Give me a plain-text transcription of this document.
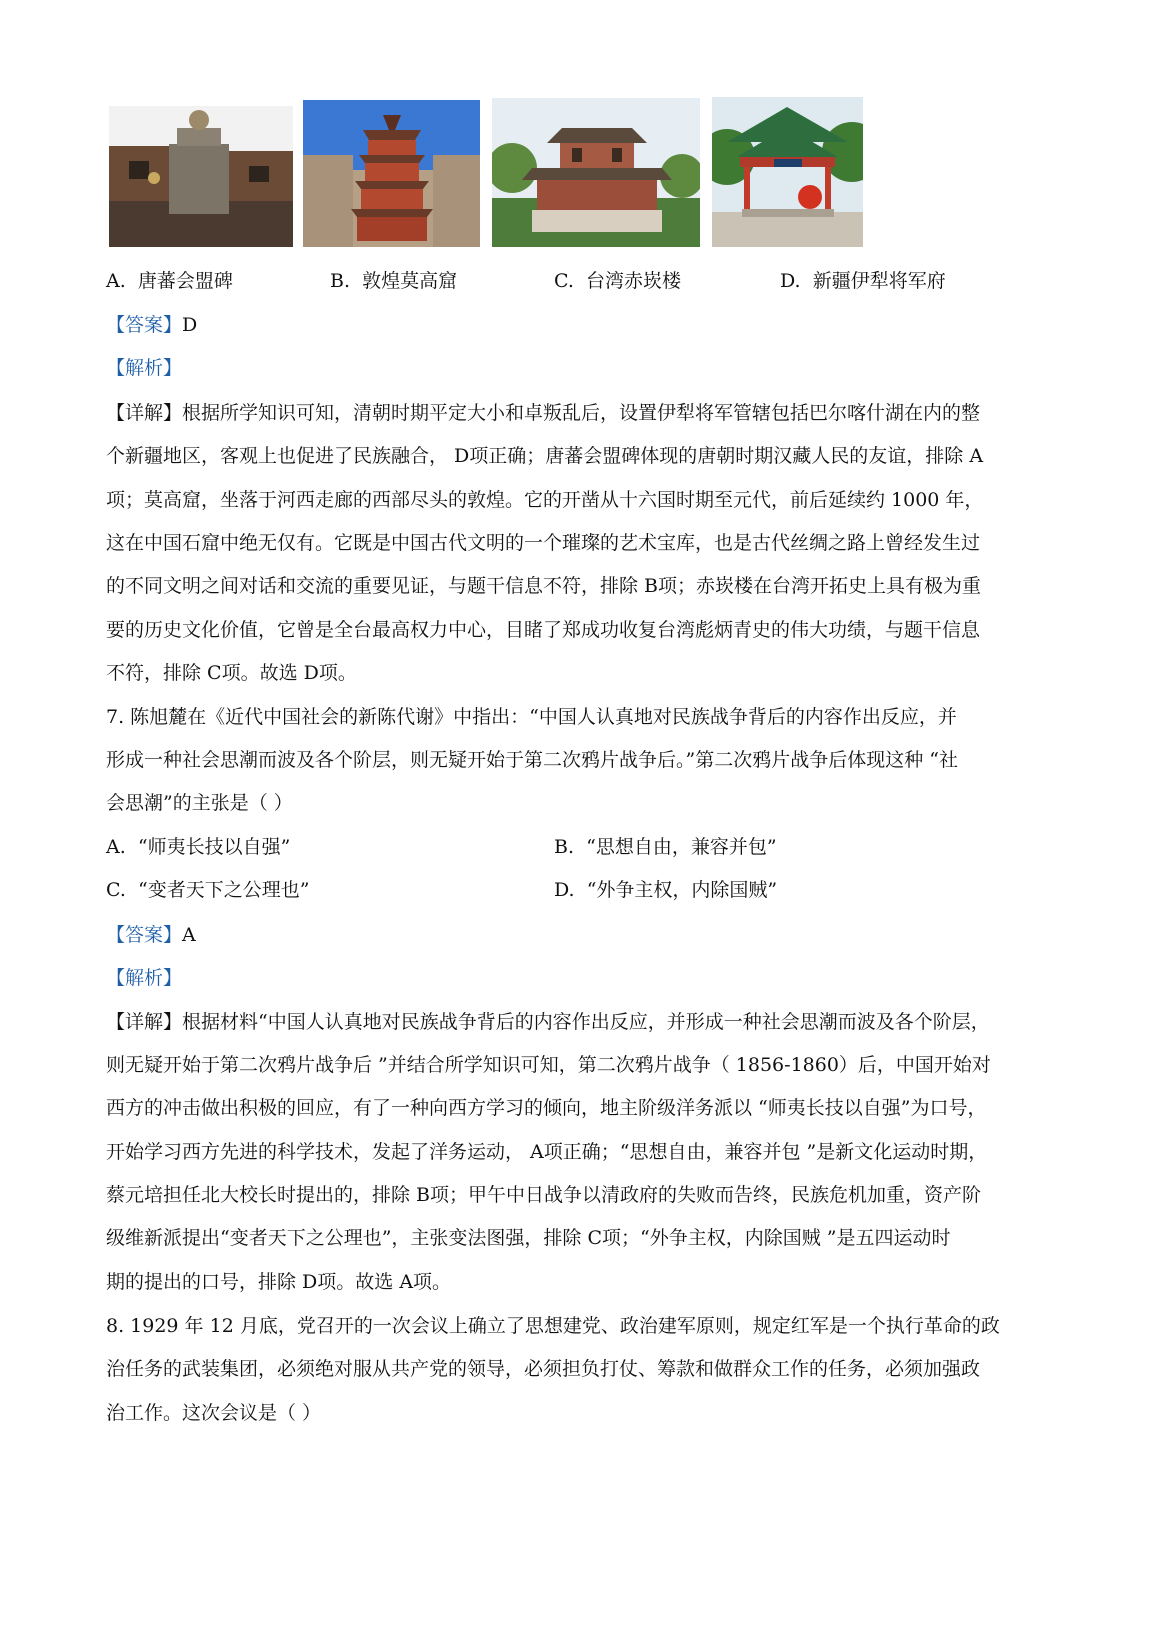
A. 唐蕃会盟碑	B. 敦煌莫高窟	C. 台湾赤崁楼	D. 新疆伊犁将军府
【答案】D
【解析】
【详解】根据所学知识可知，清朝时期平定大小和卓叛乱后，设置伊犁将军管辖包括巴尔喀什湖在内的整
个新疆地区，客观上也促进了民族融合， D项正确；唐蕃会盟碑体现的唐朝时期汉藏人民的友谊，排除 A
项；莫高窟，坐落于河西走廊的西部尽头的敦煌。它的开凿从十六国时期至元代，前后延续约 1000 年，
这在中国石窟中绝无仅有。它既是中国古代文明的一个璀璨的艺术宝库，也是古代丝绸之路上曾经发生过
的不同文明之间对话和交流的重要见证，与题干信息不符，排除 B项；赤崁楼在台湾开拓史上具有极为重
要的历史文化价值，它曾是全台最高权力中心，目睹了郑成功收复台湾彪炳青史的伟大功绩，与题干信息
不符，排除 C项。故选 D项。
7. 陈旭麓在《近代中国社会的新陈代谢》中指出：“中国人认真地对民族战争背后的内容作出反应，并
形成一种社会思潮而波及各个阶层，则无疑开始于第二次鸦片战争后。”第二次鸦片战争后体现这种 “社
会思潮”的主张是（ ）
A. “师夷长技以自强”	B. “思想自由，兼容并包”
C. “变者天下之公理也”	D. “外争主权，内除国贼”
【答案】A
【解析】
【详解】根据材料“中国人认真地对民族战争背后的内容作出反应，并形成一种社会思潮而波及各个阶层，
则无疑开始于第二次鸦片战争后 ”并结合所学知识可知，第二次鸦片战争（ 1856-1860）后，中国开始对
西方的冲击做出积极的回应，有了一种向西方学习的倾向，地主阶级洋务派以 “师夷长技以自强”为口号，
开始学习西方先进的科学技术，发起了洋务运动， A项正确；“思想自由，兼容并包 ”是新文化运动时期，
蔡元培担任北大校长时提出的，排除 B项；甲午中日战争以清政府的失败而告终，民族危机加重，资产阶
级维新派提出“变者天下之公理也”，主张变法图强，排除 C项；“外争主权，内除国贼 ”是五四运动时
期的提出的口号，排除 D项。故选 A项。
8. 1929 年 12 月底，党召开的一次会议上确立了思想建党、政治建军原则，规定红军是一个执行革命的政
治任务的武装集团，必须绝对服从共产党的领导，必须担负打仗、筹款和做群众工作的任务，必须加强政
治工作。这次会议是（ ）
